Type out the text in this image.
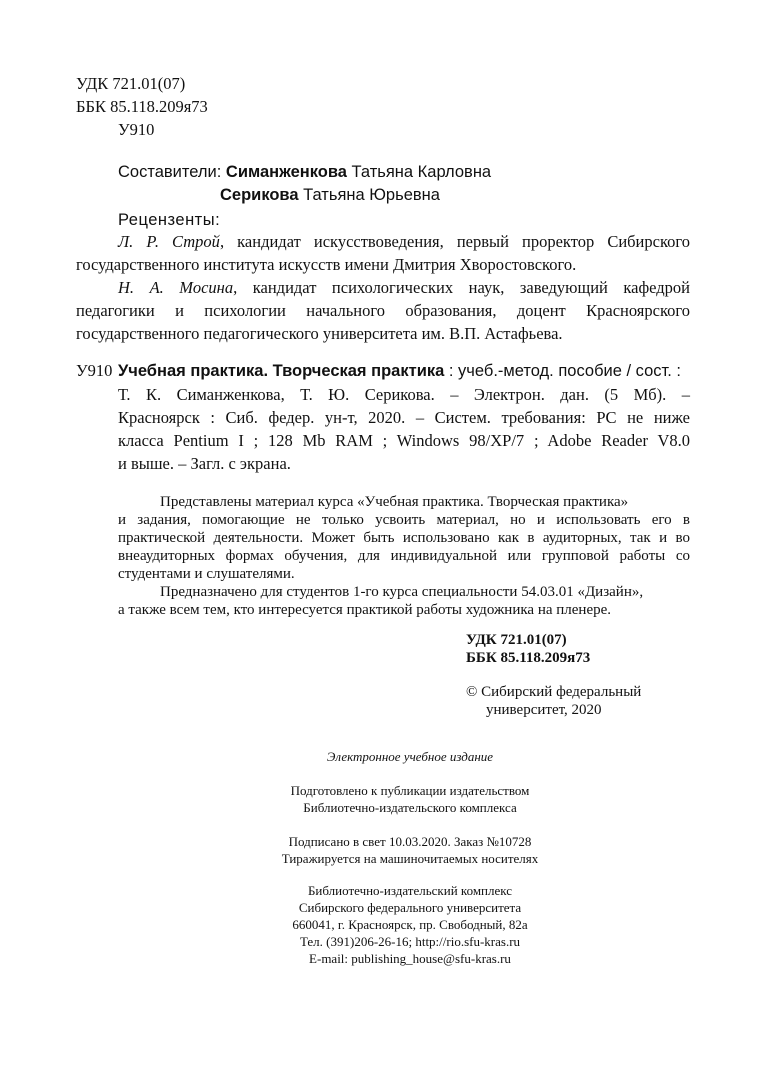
УДК 721.01(07)
ББК 85.118.209я73
У910
Составители: Симанженкова Татьяна Карловна
Серикова Татьяна Юрьевна
Рецензенты:
Л. Р. Строй, кандидат искусствоведения, первый проректор Сибирского
государственного института искусств имени Дмитрия Хворостовского.
Н. А. Мосина, кандидат психологических наук, заведующий кафедрой
педагогики и психологии начального образования, доцент Красноярского
государственного педагогического университета им. В.П. Астафьева.
У910 Учебная практика. Творческая практика : учеб.-метод. пособие / сост. :
Т. К. Симанженкова, Т. Ю. Серикова. – Электрон. дан. (5 Мб). –
Красноярск : Сиб. федер. ун-т, 2020. – Систем. требования: PC не ниже
класса Pentium I ; 128 Mb RAM ; Windows 98/XP/7 ; Adobe Reader V8.0
и выше. – Загл. с экрана.
Представлены материал курса «Учебная практика. Творческая практика»
и задания, помогающие не только усвоить материал, но и использовать его в
практической деятельности. Может быть использовано как в аудиторных, так и во
внеаудиторных формах обучения, для индивидуальной или групповой работы со
студентами и слушателями.
Предназначено для студентов 1-го курса специальности 54.03.01 «Дизайн»,
а также всем тем, кто интересуется практикой работы художника на пленере.
УДК 721.01(07)
ББК 85.118.209я73
© Сибирский федеральный
университет, 2020
Электронное учебное издание
Подготовлено к публикации издательством
Библиотечно-издательского комплекса
Подписано в свет 10.03.2020. Заказ №10728
Тиражируется на машиночитаемых носителях
Библиотечно-издательский комплекс
Сибирского федерального университета
660041, г. Красноярск, пр. Свободный, 82а
Тел. (391)206-26-16; http://rio.sfu-kras.ru
E-mail: publishing_house@sfu-kras.ru
